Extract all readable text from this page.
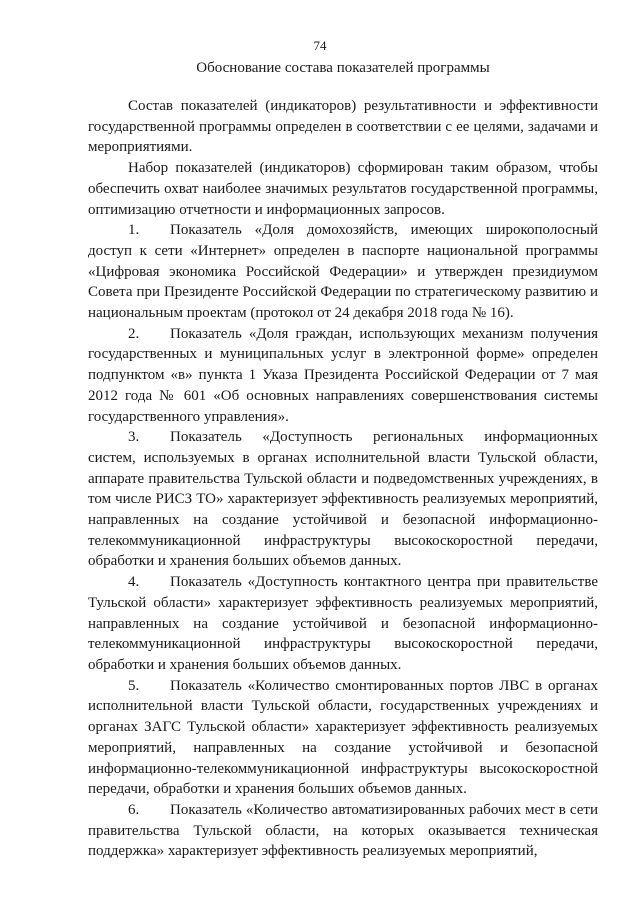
74
Обоснование состава показателей программы

Состав показателей (индикаторов) результативности и эффективности государственной программы определен в соответствии с ее целями, задачами и мероприятиями.

Набор показателей (индикаторов) сформирован таким образом, чтобы обеспечить охват наиболее значимых результатов государственной программы, оптимизацию отчетности и информационных запросов.

1. Показатель «Доля домохозяйств, имеющих широкополосный доступ к сети «Интернет» определен в паспорте национальной программы «Цифровая экономика Российской Федерации» и утвержден президиумом Совета при Президенте Российской Федерации по стратегическому развитию и национальным проектам (протокол от 24 декабря 2018 года № 16).

2. Показатель «Доля граждан, использующих механизм получения государственных и муниципальных услуг в электронной форме» определен подпунктом «в» пункта 1 Указа Президента Российской Федерации от 7 мая 2012 года № 601 «Об основных направлениях совершенствования системы государственного управления».

3. Показатель «Доступность региональных информационных систем, используемых в органах исполнительной власти Тульской области, аппарате правительства Тульской области и подведомственных учреждениях, в том числе РИСЗ ТО» характеризует эффективность реализуемых мероприятий, направленных на создание устойчивой и безопасной информационно-телекоммуникационной инфраструктуры высокоскоростной передачи, обработки и хранения больших объемов данных.

4. Показатель «Доступность контактного центра при правительстве Тульской области» характеризует эффективность реализуемых мероприятий, направленных на создание устойчивой и безопасной информационно-телекоммуникационной инфраструктуры высокоскоростной передачи, обработки и хранения больших объемов данных.

5. Показатель «Количество смонтированных портов ЛВС в органах исполнительной власти Тульской области, государственных учреждениях и органах ЗАГС Тульской области» характеризует эффективность реализуемых мероприятий, направленных на создание устойчивой и безопасной информационно-телекоммуникационной инфраструктуры высокоскоростной передачи, обработки и хранения больших объемов данных.

6. Показатель «Количество автоматизированных рабочих мест в сети правительства Тульской области, на которых оказывается техническая поддержка» характеризует эффективность реализуемых мероприятий,
